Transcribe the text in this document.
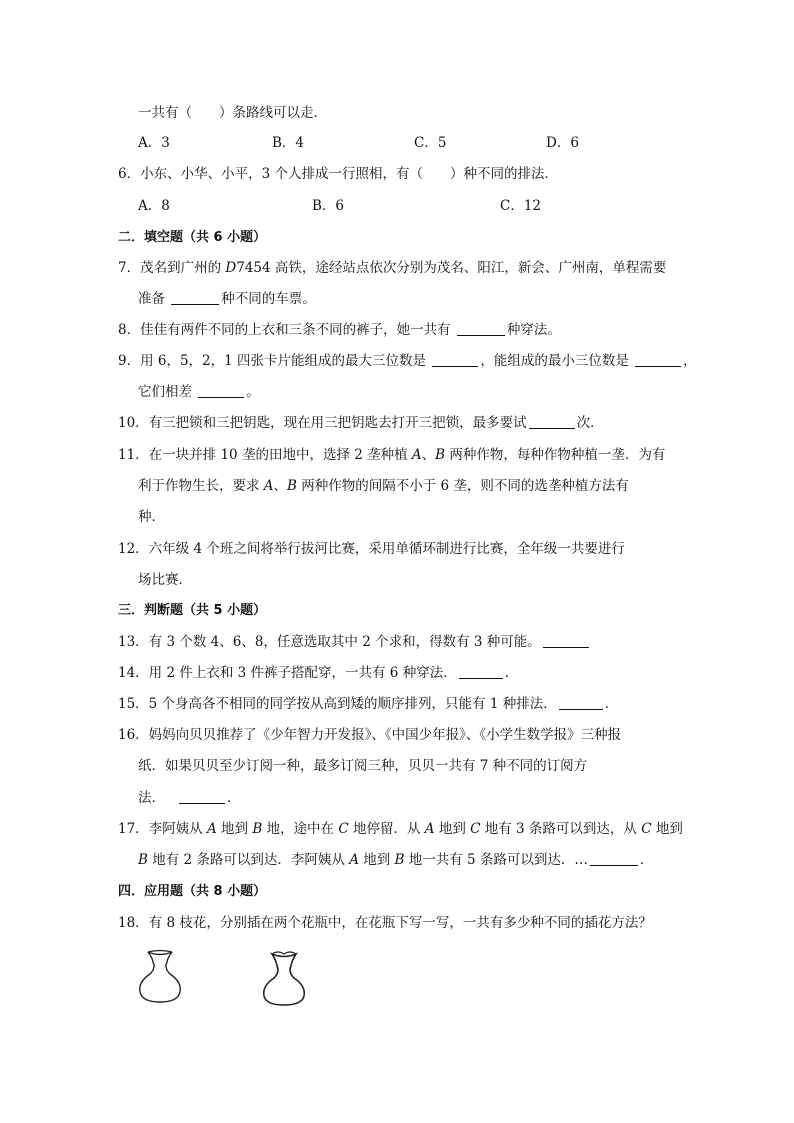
一共有（　　）条路线可以走．
A．3	B．4	C．5	D．6
6．小东、小华、小平，3 个人排成一行照相，有（　　）种不同的排法．
A．8	B．6	C．12
二．填空题（共 6 小题）
7．茂名到广州的 D7454 高铁，途经站点依次分别为茂名、阳江，新会、广州南，单程需要
准备	种不同的车票。
8．佳佳有两件不同的上衣和三条不同的裤子，她一共有	种穿法。
9．用 6，5，2，1 四张卡片能组成的最大三位数是	，能组成的最小三位数是	，
它们相差	。
10．有三把锁和三把钥匙，现在用三把钥匙去打开三把锁，最多要试	次．
11．在一块并排 10 垄的田地中，选择 2 垄种植 A、B 两种作物，每种作物种植一垄．为有
利于作物生长，要求 A、B 两种作物的间隔不小于 6 垄，则不同的选垄种植方法有
种．
12．六年级 4 个班之间将举行拔河比赛，采用单循环制进行比赛，全年级一共要进行
场比赛．
三．判断题（共 5 小题）
13．有 3 个数 4、6、8，任意选取其中 2 个求和，得数有 3 种可能。
14．用 2 件上衣和 3 件裤子搭配穿，一共有 6 种穿法．	．
15．5 个身高各不相同的同学按从高到矮的顺序排列，只能有 1 种排法．	．
16．妈妈向贝贝推荐了《少年智力开发报》、《中国少年报》、《小学生数学报》三种报
纸．如果贝贝至少订阅一种，最多订阅三种，贝贝一共有 7 种不同的订阅方
法．	．
17．李阿姨从 A 地到 B 地，途中在 C 地停留．从 A 地到 C 地有 3 条路可以到达，从 C 地到
B 地有 2 条路可以到达．李阿姨从 A 地到 B 地一共有 5 条路可以到达．…	．
四．应用题（共 8 小题）
18．有 8 枝花，分别插在两个花瓶中，在花瓶下写一写，一共有多少种不同的插花方法？
